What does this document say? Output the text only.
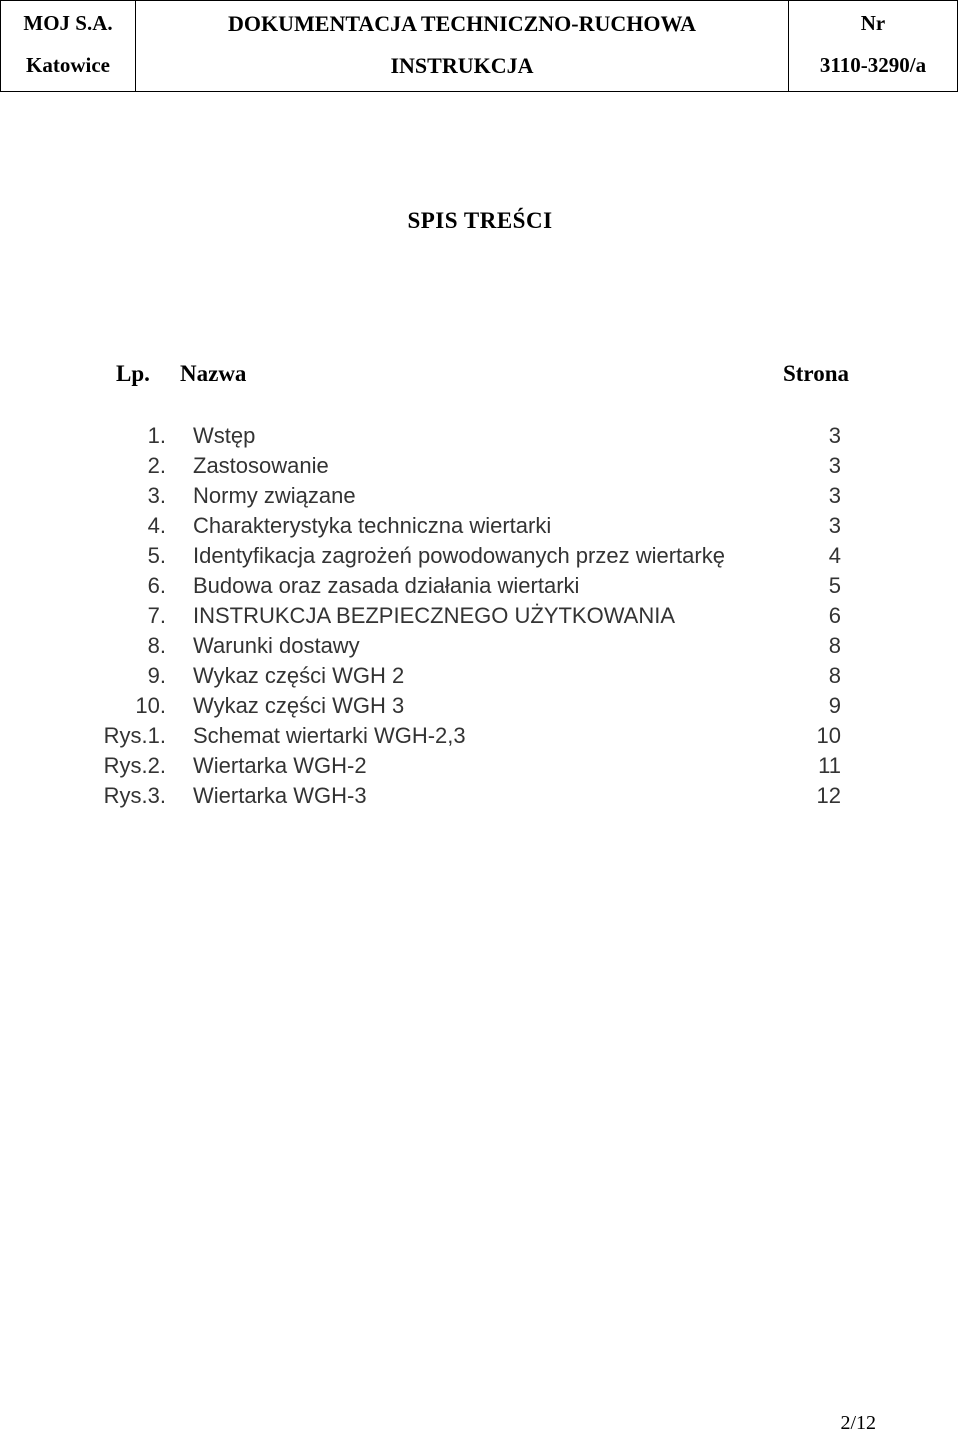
MOJ S.A.
Katowice
DOKUMENTACJA TECHNICZNO-RUCHOWA
INSTRUKCJA
Nr
3110-3290/a
SPIS TREŚCI
Lp. Nazwa	Strona
1. Wstęp	3
2. Zastosowanie	3
3. Normy związane	3
4. Charakterystyka techniczna wiertarki	3
5. Identyfikacja zagrożeń powodowanych przez wiertarkę	4
6. Budowa oraz zasada działania wiertarki	5
7. INSTRUKCJA BEZPIECZNEGO UŻYTKOWANIA	6
8. Warunki dostawy	8
9. Wykaz części WGH 2	8
10. Wykaz części WGH 3	9
Rys.1. Schemat wiertarki WGH-2,3	10
Rys.2. Wiertarka WGH-2	11
Rys.3. Wiertarka WGH-3	12
2/12
